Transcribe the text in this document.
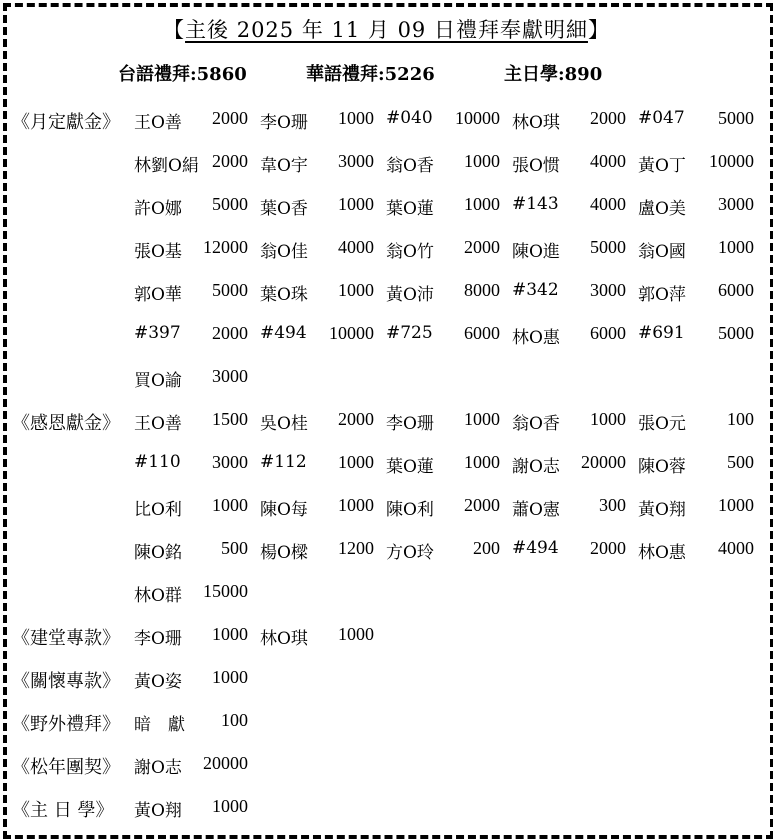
【主後 2025 年 11 月 09 日禮拜奉獻明細】
台語禮拜:5860	華語禮拜:5226	主日學:890
《月定獻金》 王O善	2000 李O珊	1000 #040	10000 林O琪	2000 #047	5000
林劉O絹 2000 韋O宇	3000 翁O香	1000 張O惯	4000 黃O丁	10000
許O娜	5000 葉O香	1000 葉O蓮	1000 #143	4000 盧O美	3000
張O基	12000 翁O佳	4000 翁O竹	2000 陳O進	5000 翁O國	1000
郭O華	5000 葉O珠	1000 黃O沛	8000 #342	3000 郭O萍	6000
#397	2000 #494	10000 #725	6000 林O惠	6000 #691	5000
買O諭	3000
《感恩獻金》 王O善	1500 吳O桂	2000 李O珊	1000 翁O香	1000 張O元	100
#110	3000 #112	1000 葉O蓮	1000 謝O志	20000 陳O蓉	500
比O利	1000 陳O每	1000 陳O利	2000 蕭O憲	300 黃O翔	1000
陳O銘	500 楊O樑	1200 方O玲	200 #494	2000 林O惠	4000
林O群	15000
《建堂專款》 李O珊	1000 林O琪	1000
《關懷專款》 黃O姿	1000
《野外禮拜》 暗　獻	100
《松年團契》 謝O志	20000
《主 日 學》 黃O翔	1000
